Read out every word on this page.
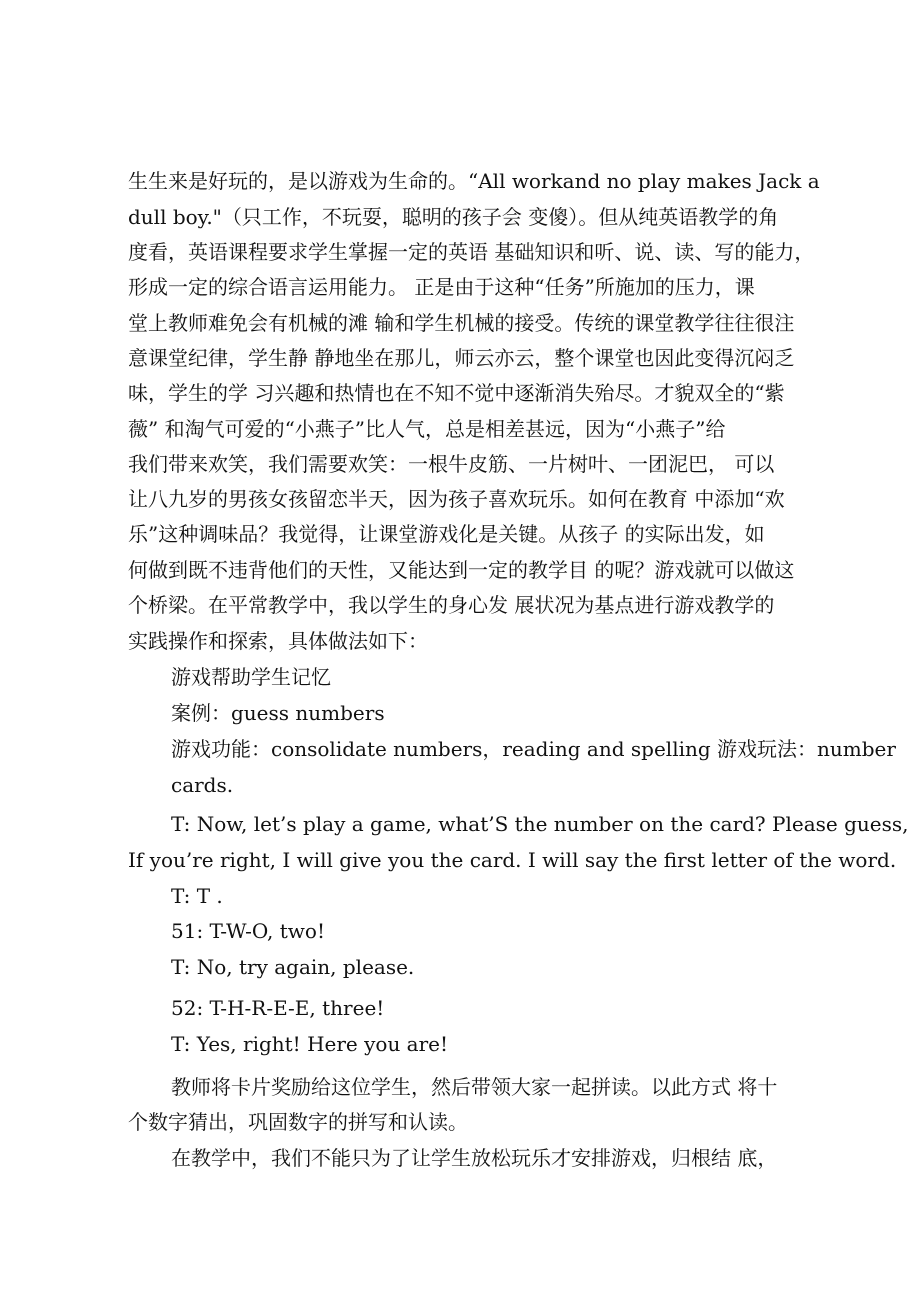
生生来是好玩的，是以游戏为生命的。“All workand no play makes Jack a
dull boy."（只工作，不玩耍，聪明的孩子会 变傻）。但从纯英语教学的角
度看，英语课程要求学生掌握一定的英语 基础知识和听、说、读、写的能力，
形成一定的综合语言运用能力。 正是由于这种“任务”所施加的压力，课
堂上教师难免会有机械的滩 输和学生机械的接受。传统的课堂教学往往很注
意课堂纪律，学生静 静地坐在那儿，师云亦云，整个课堂也因此变得沉闷乏
味，学生的学 习兴趣和热情也在不知不觉中逐渐消失殆尽。才貌双全的“紫
薇” 和淘气可爱的“小燕子”比人气，总是相差甚远，因为“小燕子”给
我们带来欢笑，我们需要欢笑：一根牛皮筋、一片树叶、一团泥巴， 可以
让八九岁的男孩女孩留恋半天，因为孩子喜欢玩乐。如何在教育 中添加“欢
乐”这种调味品？我觉得，让课堂游戏化是关键。从孩子 的实际出发，如
何做到既不违背他们的天性，又能达到一定的教学目 的呢？游戏就可以做这
个桥梁。在平常教学中，我以学生的身心发 展状况为基点进行游戏教学的
实践操作和探索，具体做法如下：
游戏帮助学生记忆
案例：guess numbers
游戏功能：consolidate numbers，reading and spelling 游戏玩法：number
cards.
T: Now, let’s play a game, what’S the number on the card? Please guess,
If you’re right, I will give you the card. I will say the first letter of the word.
T: T .
51: T-W-O, two!
T: No, try again, please.
52: T-H-R-E-E, three!
T: Yes, right! Here you are!
教师将卡片奖励给这位学生，然后带领大家一起拼读。以此方式 将十
个数字猜出，巩固数字的拼写和认读。
在教学中，我们不能只为了让学生放松玩乐才安排游戏，归根结 底，
